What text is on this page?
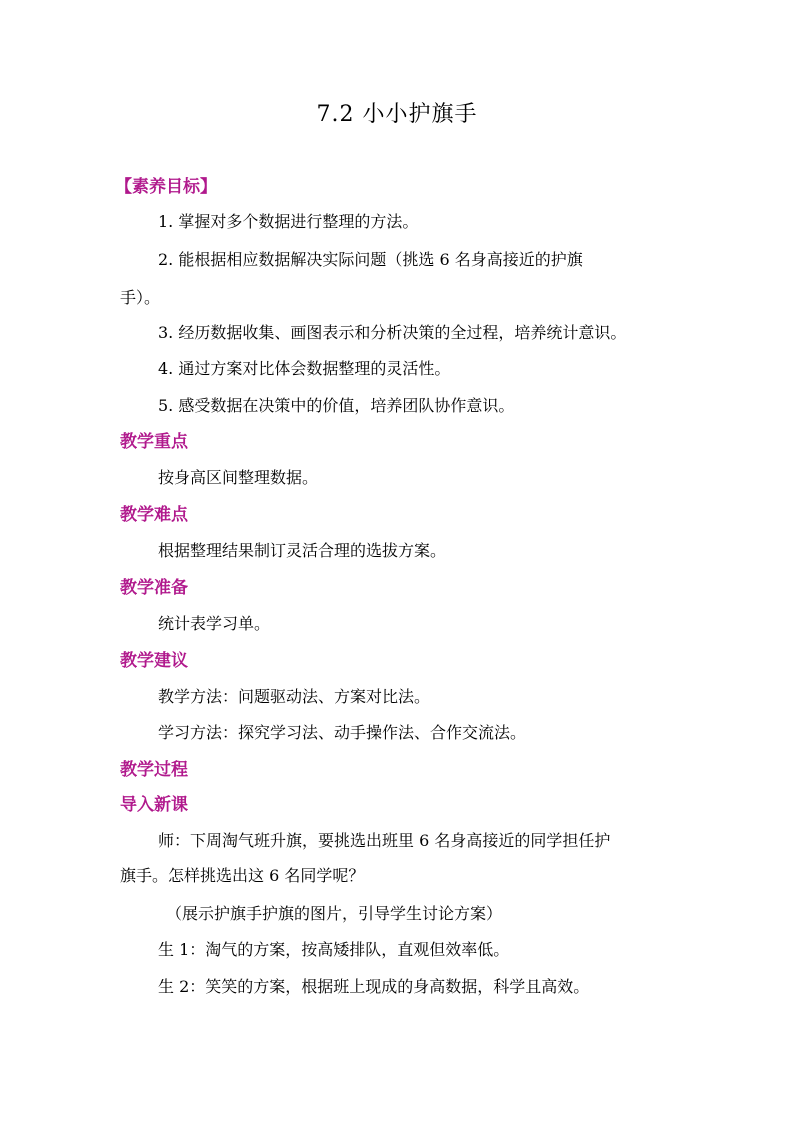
7.2 小小护旗手
【素养目标】
1. 掌握对多个数据进行整理的方法。
2. 能根据相应数据解决实际问题（挑选 6 名身高接近的护旗
手）。
3. 经历数据收集、画图表示和分析决策的全过程，培养统计意识。
4. 通过方案对比体会数据整理的灵活性。
5. 感受数据在决策中的价值，培养团队协作意识。
教学重点
按身高区间整理数据。
教学难点
根据整理结果制订灵活合理的选拔方案。
教学准备
统计表学习单。
教学建议
教学方法：问题驱动法、方案对比法。
学习方法：探究学习法、动手操作法、合作交流法。
教学过程
导入新课
师：下周淘气班升旗，要挑选出班里 6 名身高接近的同学担任护
旗手。怎样挑选出这 6 名同学呢？
（展示护旗手护旗的图片，引导学生讨论方案）
生 1：淘气的方案，按高矮排队，直观但效率低。
生 2：笑笑的方案，根据班上现成的身高数据，科学且高效。
